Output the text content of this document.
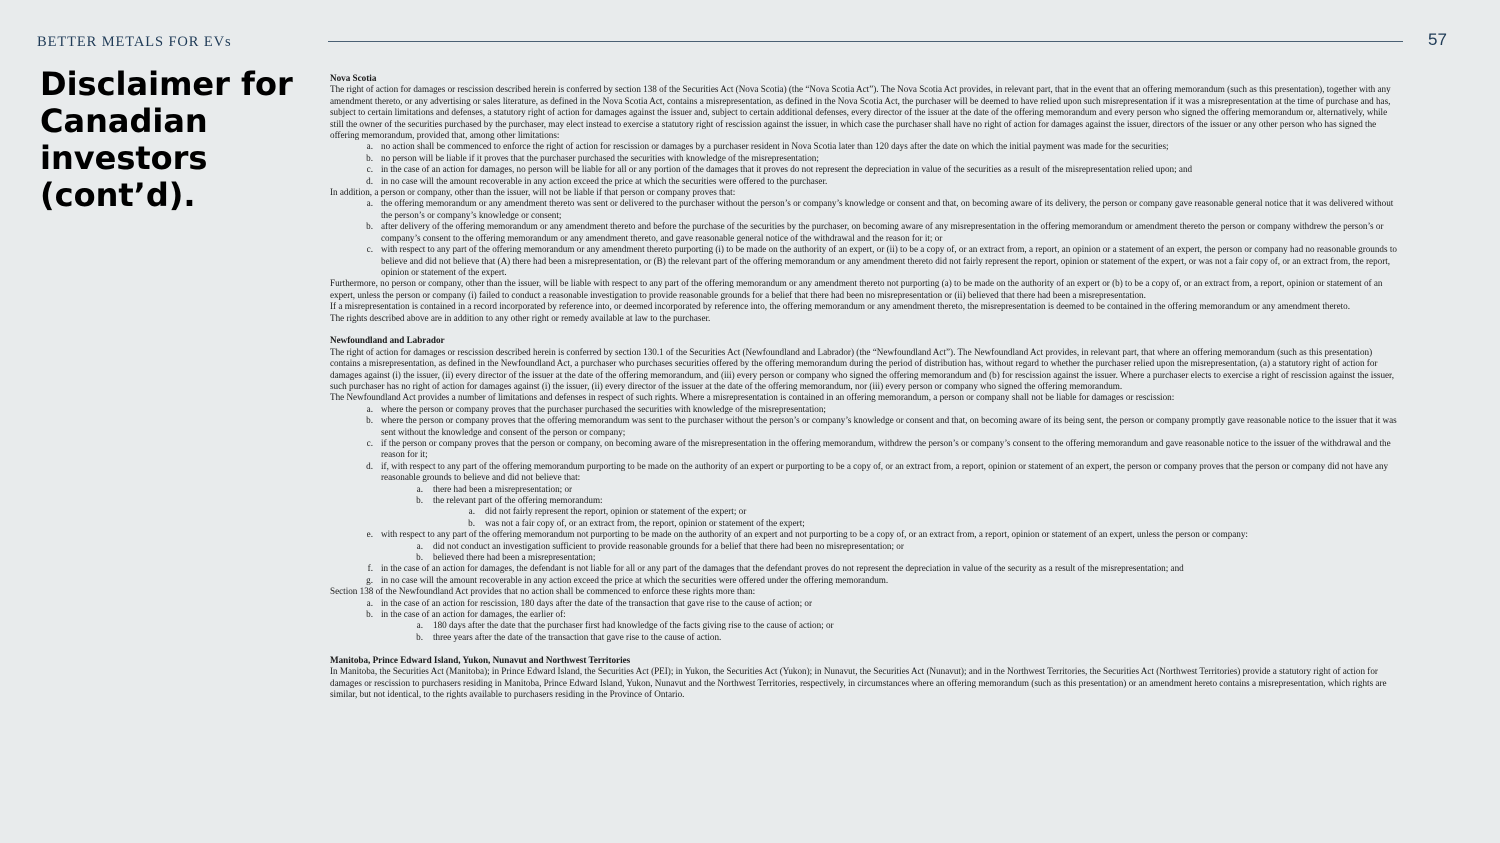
BETTER METALS FOR EVs	57
Disclaimer for Canadian investors (cont’d).

Nova Scotia

The right of action for damages or rescission described herein is conferred by section 138 of the Securities Act (Nova Scotia) (the “Nova Scotia Act”). The Nova Scotia Act provides, in relevant part, that in the event that an offering memorandum (such as this presentation), together with any amendment thereto, or any advertising or sales literature, as defined in the Nova Scotia Act, contains a misrepresentation, as defined in the Nova Scotia Act, the purchaser will be deemed to have relied upon such misrepresentation if it was a misrepresentation at the time of purchase and has, subject to certain limitations and defenses, a statutory right of action for damages against the issuer and, subject to certain additional defenses, every director of the issuer at the date of the offering memorandum and every person who signed the offering memorandum or, alternatively, while still the owner of the securities purchased by the purchaser, may elect instead to exercise a statutory right of rescission against the issuer, in which case the purchaser shall have no right of action for damages against the issuer, directors of the issuer or any other person who has signed the offering memorandum, provided that, among other limitations:

a. no action shall be commenced to enforce the right of action for rescission or damages by a purchaser resident in Nova Scotia later than 120 days after the date on which the initial payment was made for the securities;
b. no person will be liable if it proves that the purchaser purchased the securities with knowledge of the misrepresentation;
c. in the case of an action for damages, no person will be liable for all or any portion of the damages that it proves do not represent the depreciation in value of the securities as a result of the misrepresentation relied upon; and
d. in no case will the amount recoverable in any action exceed the price at which the securities were offered to the purchaser.

In addition, a person or company, other than the issuer, will not be liable if that person or company proves that:

a. the offering memorandum or any amendment thereto was sent or delivered to the purchaser without the person’s or company’s knowledge or consent and that, on becoming aware of its delivery, the person or company gave reasonable general notice that it was delivered without the person’s or company’s knowledge or consent;
b. after delivery of the offering memorandum or any amendment thereto and before the purchase of the securities by the purchaser, on becoming aware of any misrepresentation in the offering memorandum or amendment thereto the person or company withdrew the person’s or company’s consent to the offering memorandum or any amendment thereto, and gave reasonable general notice of the withdrawal and the reason for it; or
c. with respect to any part of the offering memorandum or any amendment thereto purporting (i) to be made on the authority of an expert, or (ii) to be a copy of, or an extract from, a report, an opinion or a statement of an expert, the person or company had no reasonable grounds to believe and did not believe that (A) there had been a misrepresentation, or (B) the relevant part of the offering memorandum or any amendment thereto did not fairly represent the report, opinion or statement of the expert, or was not a fair copy of, or an extract from, the report, opinion or statement of the expert.

Furthermore, no person or company, other than the issuer, will be liable with respect to any part of the offering memorandum or any amendment thereto not purporting (a) to be made on the authority of an expert or (b) to be a copy of, or an extract from, a report, opinion or statement of an expert, unless the person or company (i) failed to conduct a reasonable investigation to provide reasonable grounds for a belief that there had been no misrepresentation or (ii) believed that there had been a misrepresentation.

If a misrepresentation is contained in a record incorporated by reference into, or deemed incorporated by reference into, the offering memorandum or any amendment thereto, the misrepresentation is deemed to be contained in the offering memorandum or any amendment thereto.

The rights described above are in addition to any other right or remedy available at law to the purchaser.

Newfoundland and Labrador

The right of action for damages or rescission described herein is conferred by section 130.1 of the Securities Act (Newfoundland and Labrador) (the “Newfoundland Act”). The Newfoundland Act provides, in relevant part, that where an offering memorandum (such as this presentation) contains a misrepresentation, as defined in the Newfoundland Act, a purchaser who purchases securities offered by the offering memorandum during the period of distribution has, without regard to whether the purchaser relied upon the misrepresentation, (a) a statutory right of action for damages against (i) the issuer, (ii) every director of the issuer at the date of the offering memorandum, and (iii) every person or company who signed the offering memorandum and (b) for rescission against the issuer. Where a purchaser elects to exercise a right of rescission against the issuer, such purchaser has no right of action for damages against (i) the issuer, (ii) every director of the issuer at the date of the offering memorandum, nor (iii) every person or company who signed the offering memorandum.

The Newfoundland Act provides a number of limitations and defenses in respect of such rights. Where a misrepresentation is contained in an offering memorandum, a person or company shall not be liable for damages or rescission:

a. where the person or company proves that the purchaser purchased the securities with knowledge of the misrepresentation;
b. where the person or company proves that the offering memorandum was sent to the purchaser without the person’s or company’s knowledge or consent and that, on becoming aware of its being sent, the person or company promptly gave reasonable notice to the issuer that it was sent without the knowledge and consent of the person or company;
c. if the person or company proves that the person or company, on becoming aware of the misrepresentation in the offering memorandum, withdrew the person’s or company’s consent to the offering memorandum and gave reasonable notice to the issuer of the withdrawal and the reason for it;
d. if, with respect to any part of the offering memorandum purporting to be made on the authority of an expert or purporting to be a copy of, or an extract from, a report, opinion or statement of an expert, the person or company proves that the person or company did not have any reasonable grounds to believe and did not believe that:
a. there had been a misrepresentation; or
b. the relevant part of the offering memorandum:
a. did not fairly represent the report, opinion or statement of the expert; or
b. was not a fair copy of, or an extract from, the report, opinion or statement of the expert;
e. with respect to any part of the offering memorandum not purporting to be made on the authority of an expert and not purporting to be a copy of, or an extract from, a report, opinion or statement of an expert, unless the person or company:
a. did not conduct an investigation sufficient to provide reasonable grounds for a belief that there had been no misrepresentation; or
b. believed there had been a misrepresentation;
f. in the case of an action for damages, the defendant is not liable for all or any part of the damages that the defendant proves do not represent the depreciation in value of the security as a result of the misrepresentation; and
g. in no case will the amount recoverable in any action exceed the price at which the securities were offered under the offering memorandum.

Section 138 of the Newfoundland Act provides that no action shall be commenced to enforce these rights more than:

a. in the case of an action for rescission, 180 days after the date of the transaction that gave rise to the cause of action; or
b. in the case of an action for damages, the earlier of:
a. 180 days after the date that the purchaser first had knowledge of the facts giving rise to the cause of action; or
b. three years after the date of the transaction that gave rise to the cause of action.

Manitoba, Prince Edward Island, Yukon, Nunavut and Northwest Territories

In Manitoba, the Securities Act (Manitoba); in Prince Edward Island, the Securities Act (PEI); in Yukon, the Securities Act (Yukon); in Nunavut, the Securities Act (Nunavut); and in the Northwest Territories, the Securities Act (Northwest Territories) provide a statutory right of action for damages or rescission to purchasers residing in Manitoba, Prince Edward Island, Yukon, Nunavut and the Northwest Territories, respectively, in circumstances where an offering memorandum (such as this presentation) or an amendment hereto contains a misrepresentation, which rights are similar, but not identical, to the rights available to purchasers residing in the Province of Ontario.
